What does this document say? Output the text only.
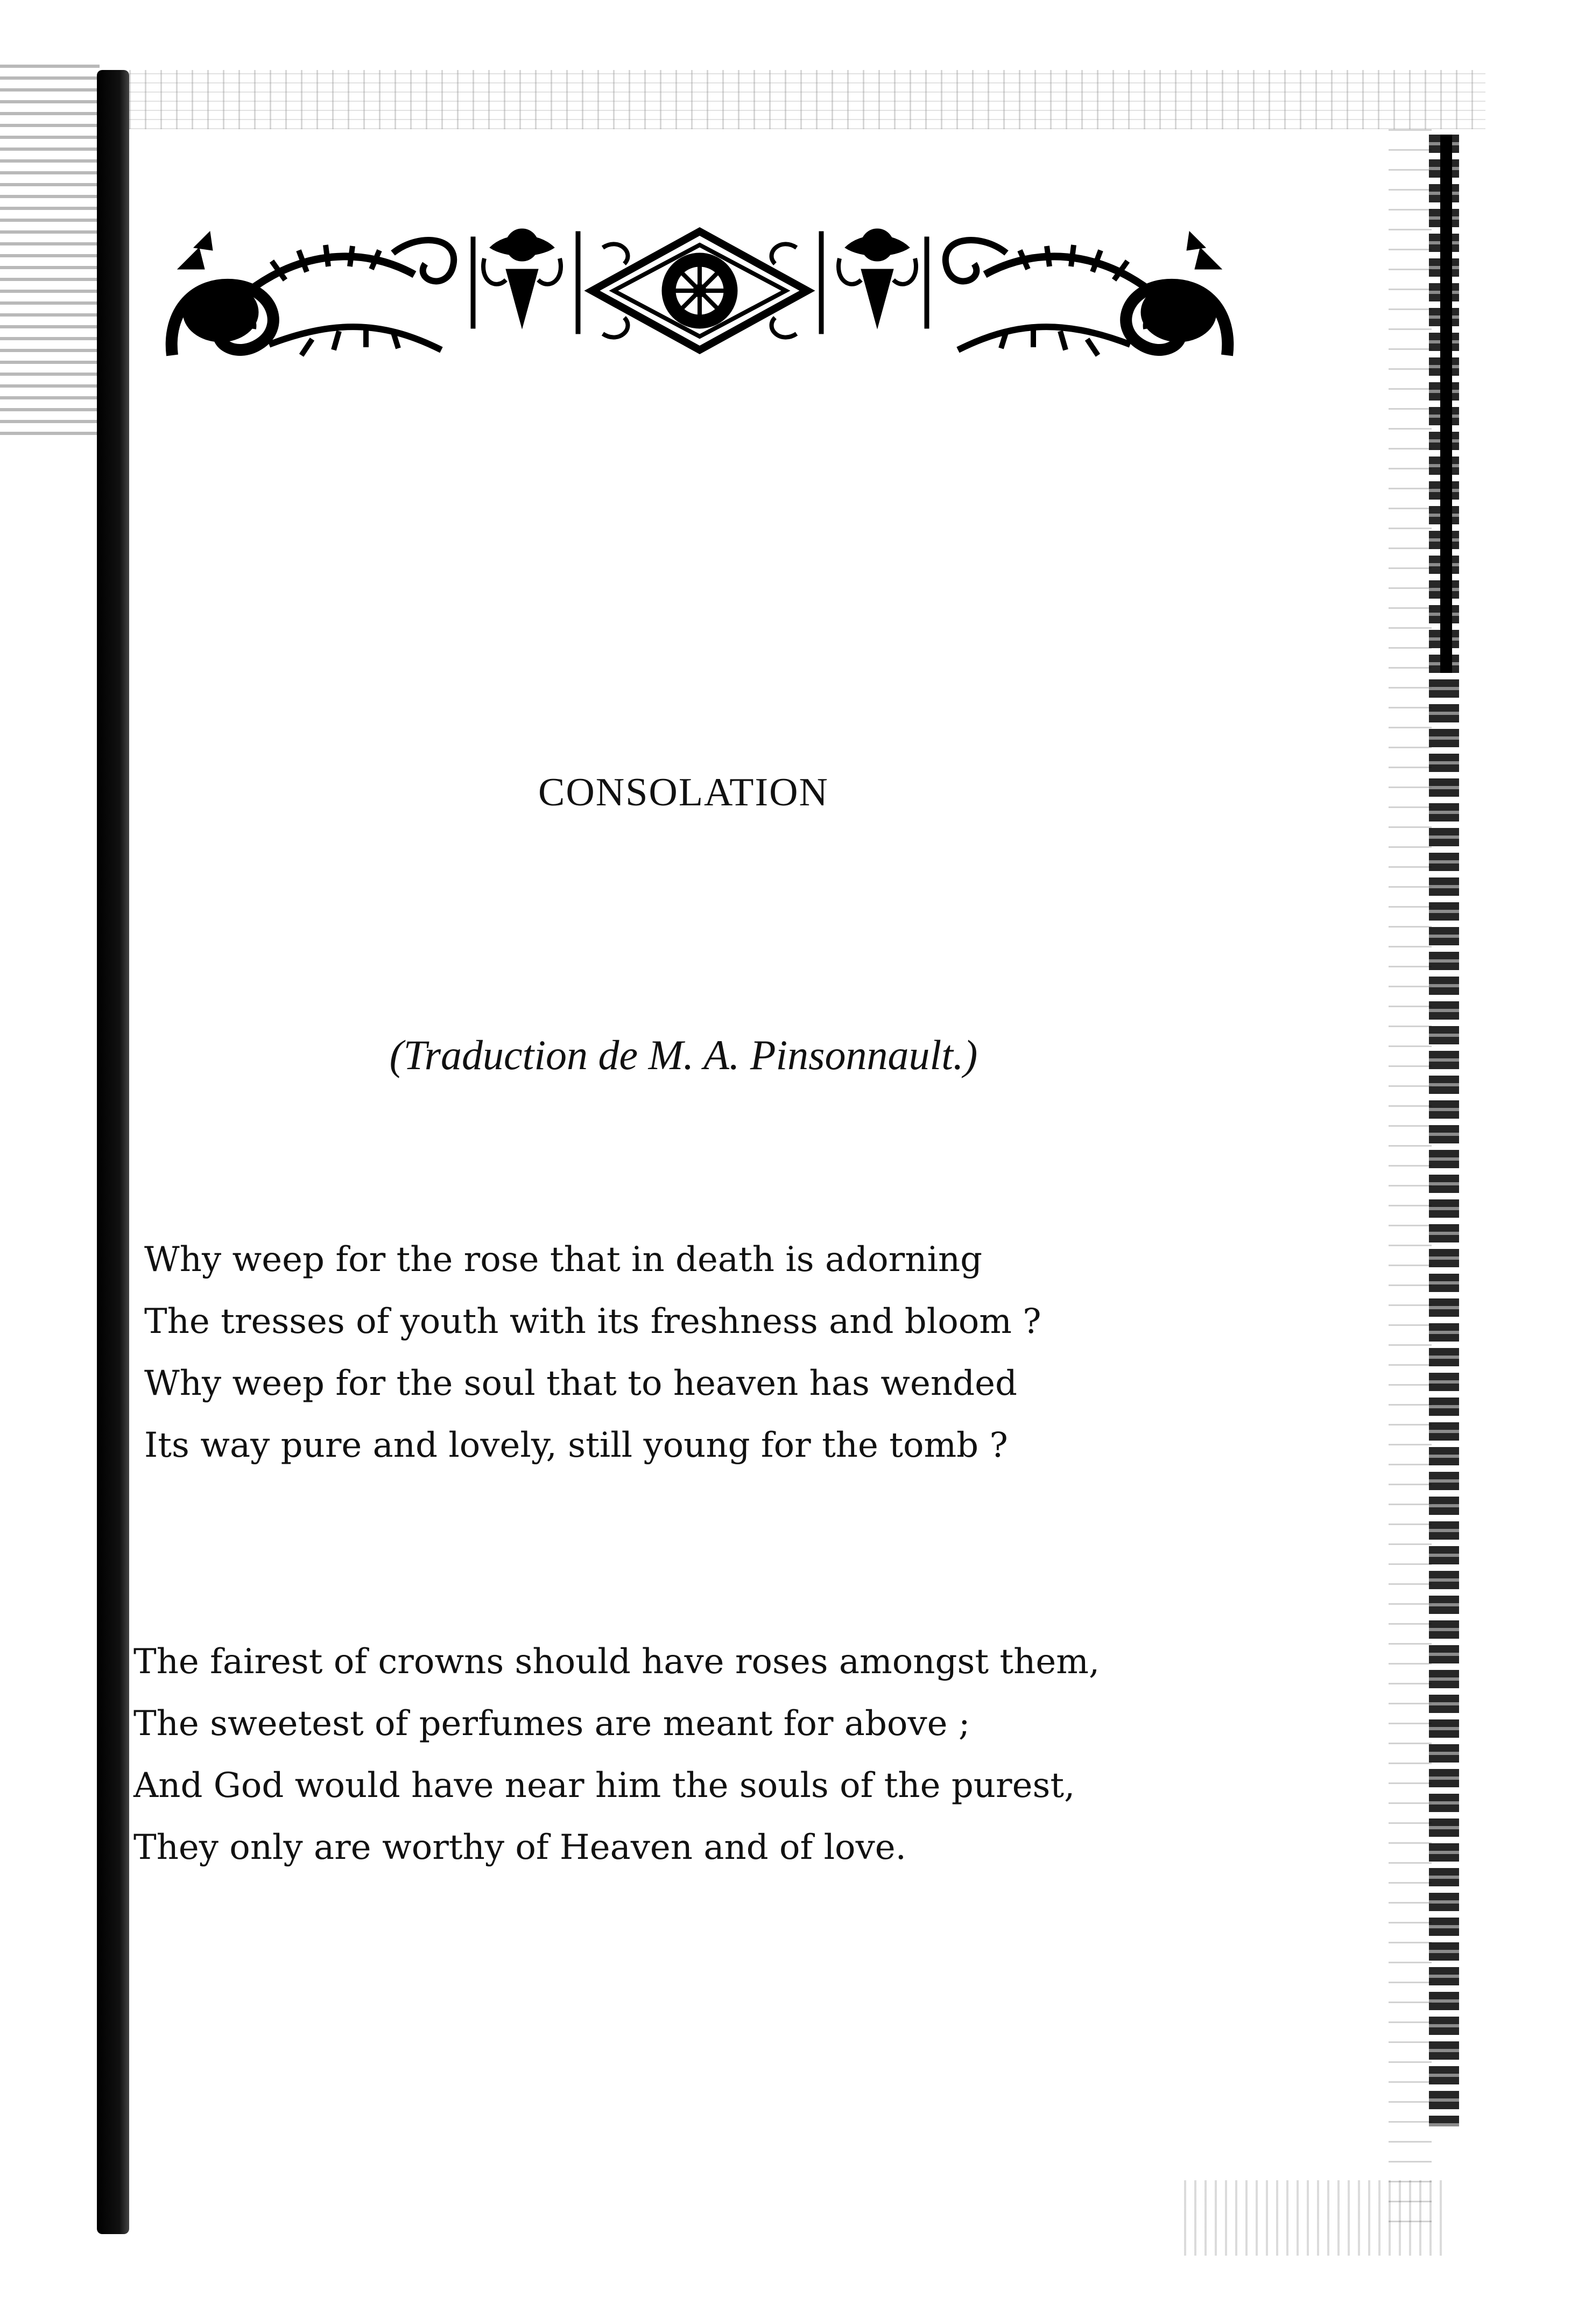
CONSOLATION
(Traduction de M. A. Pinsonnault.)
Why weep for the rose that in death is adorning
The tresses of youth with its freshness and bloom ?
Why weep for the soul that to heaven has wended
Its way pure and lovely, still young for the tomb ?
The fairest of crowns should have roses amongst them,
The sweetest of perfumes are meant for above ;
And God would have near him the souls of the purest,
They only are worthy of Heaven and of love.
